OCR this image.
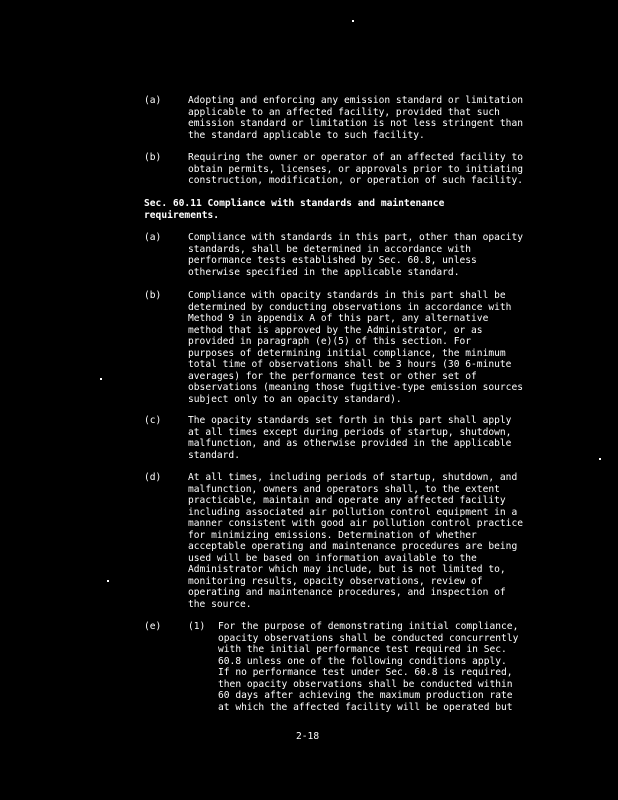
(a)	Adopting and enforcing any emission standard or limitation
applicable to an affected facility, provided that such
emission standard or limitation is not less stringent than
the standard applicable to such facility.
(b)	Requiring the owner or operator of an affected facility to
obtain permits, licenses, or approvals prior to initiating
construction, modification, or operation of such facility.
Sec. 60.11 Compliance with standards and maintenance
requirements.
(a)	Compliance with standards in this part, other than opacity
standards, shall be determined in accordance with
performance tests established by Sec. 60.8, unless
otherwise specified in the applicable standard.
(b)	Compliance with opacity standards in this part shall be
determined by conducting observations in accordance with
Method 9 in appendix A of this part, any alternative
method that is approved by the Administrator, or as
provided in paragraph (e)(5) of this section. For
purposes of determining initial compliance, the minimum
total time of observations shall be 3 hours (30 6-minute
averages) for the performance test or other set of
observations (meaning those fugitive-type emission sources
subject only to an opacity standard).
(c)	The opacity standards set forth in this part shall apply
at all times except during periods of startup, shutdown,
malfunction, and as otherwise provided in the applicable
standard.
(d)	At all times, including periods of startup, shutdown, and
malfunction, owners and operators shall, to the extent
practicable, maintain and operate any affected facility
including associated air pollution control equipment in a
manner consistent with good air pollution control practice
for minimizing emissions. Determination of whether
acceptable operating and maintenance procedures are being
used will be based on information available to the
Administrator which may include, but is not limited to,
monitoring results, opacity observations, review of
operating and maintenance procedures, and inspection of
the source.
(e)	(1) For the purpose of demonstrating initial compliance,
opacity observations shall be conducted concurrently
with the initial performance test required in Sec.
60.8 unless one of the following conditions apply.
If no performance test under Sec. 60.8 is required,
then opacity observations shall be conducted within
60 days after achieving the maximum production rate
at which the affected facility will be operated but
2-18
